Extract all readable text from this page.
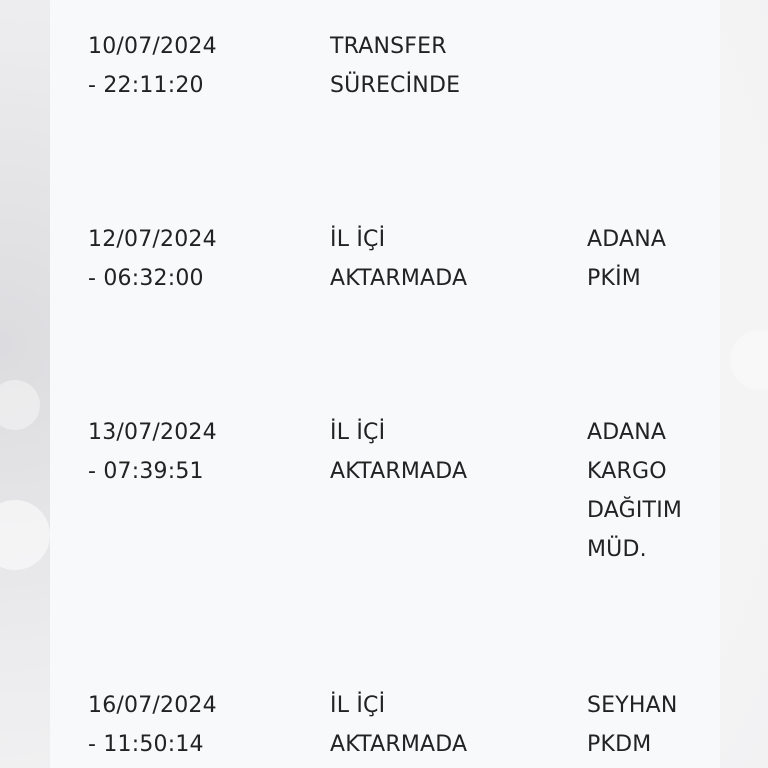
10/07/2024
- 22:11:20
TRANSFER
SÜRECİNDE
12/07/2024
- 06:32:00
İL İÇİ
AKTARMADA
ADANA
PKİM
13/07/2024
- 07:39:51
İL İÇİ
AKTARMADA
ADANA
KARGO
DAĞITIM
MÜD.
16/07/2024
- 11:50:14
İL İÇİ
AKTARMADA
SEYHAN
PKDM
